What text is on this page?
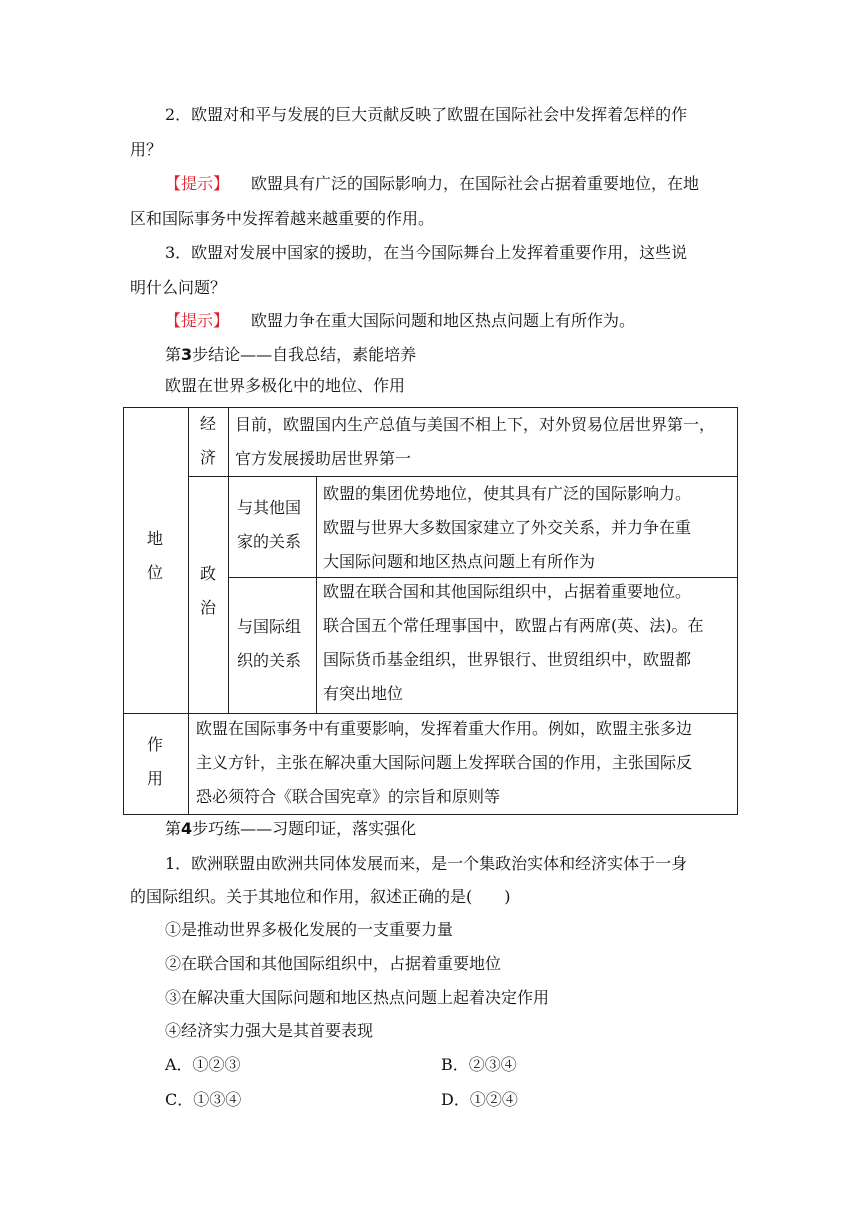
2．欧盟对和平与发展的巨大贡献反映了欧盟在国际社会中发挥着怎样的作
用？
【提示】 欧盟具有广泛的国际影响力，在国际社会占据着重要地位，在地
区和国际事务中发挥着越来越重要的作用。
3．欧盟对发展中国家的援助，在当今国际舞台上发挥着重要作用，这些说
明什么问题？
【提示】 欧盟力争在重大国际问题和地区热点问题上有所作为。
第3步结论——自我总结，素能培养
欧盟在世界多极化中的地位、作用
地
位
经
济
目前，欧盟国内生产总值与美国不相上下，对外贸易位居世界第一，
官方发展援助居世界第一
政
治
与其他国
家的关系
欧盟的集团优势地位，使其具有广泛的国际影响力。
欧盟与世界大多数国家建立了外交关系，并力争在重
大国际问题和地区热点问题上有所作为
与国际组
织的关系
欧盟在联合国和其他国际组织中，占据着重要地位。
联合国五个常任理事国中，欧盟占有两席(英、法)。在
国际货币基金组织，世界银行、世贸组织中，欧盟都
有突出地位
作
用
欧盟在国际事务中有重要影响，发挥着重大作用。例如，欧盟主张多边
主义方针，主张在解决重大国际问题上发挥联合国的作用，主张国际反
恐必须符合《联合国宪章》的宗旨和原则等
第4步巧练——习题印证，落实强化
1．欧洲联盟由欧洲共同体发展而来，是一个集政治实体和经济实体于一身
的国际组织。关于其地位和作用，叙述正确的是(　　)
①是推动世界多极化发展的一支重要力量
②在联合国和其他国际组织中，占据着重要地位
③在解决重大国际问题和地区热点问题上起着决定作用
④经济实力强大是其首要表现
A．①②③	B．②③④
C．①③④	D．①②④
